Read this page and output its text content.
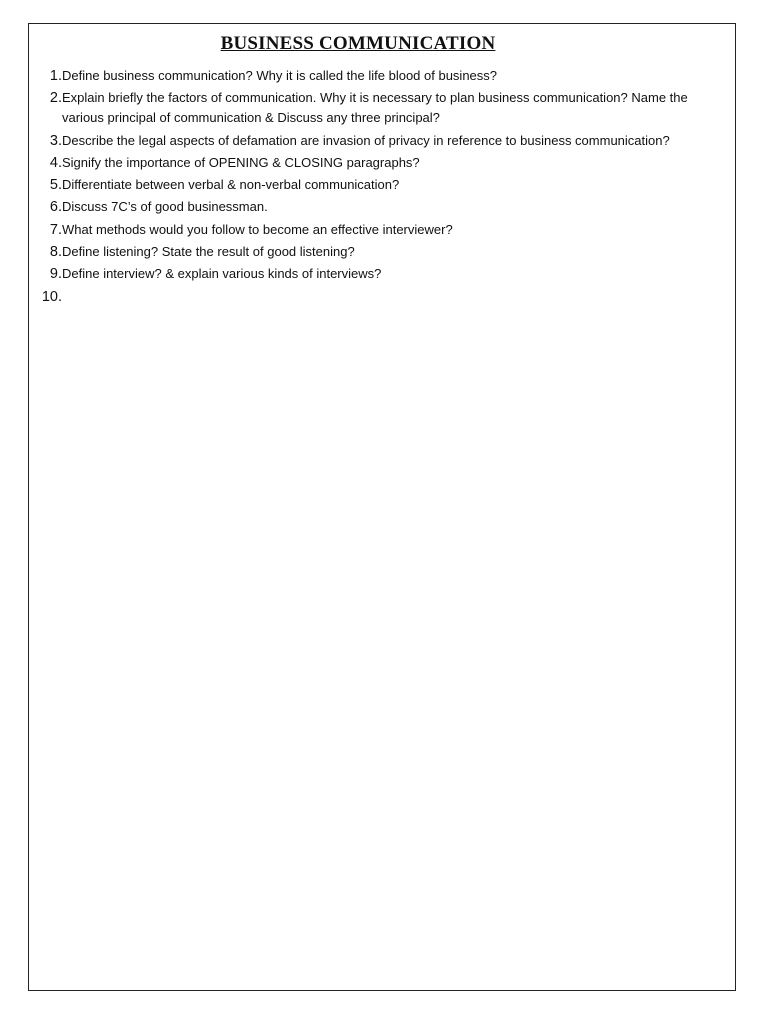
BUSINESS COMMUNICATION
1. Define business communication? Why it is called the life blood of business?
2. Explain briefly the factors of communication. Why it is necessary to plan business communication? Name the various principal of communication & Discuss any three principal?
3. Describe the legal aspects of defamation are invasion of privacy in reference to business communication?
4. Signify the importance of OPENING & CLOSING paragraphs?
5. Differentiate between verbal & non-verbal communication?
6. Discuss 7C’s of good businessman.
7. What methods would you follow to become an effective interviewer?
8. Define listening? State the result of good listening?
9. Define interview? & explain various kinds of interviews?
10.
